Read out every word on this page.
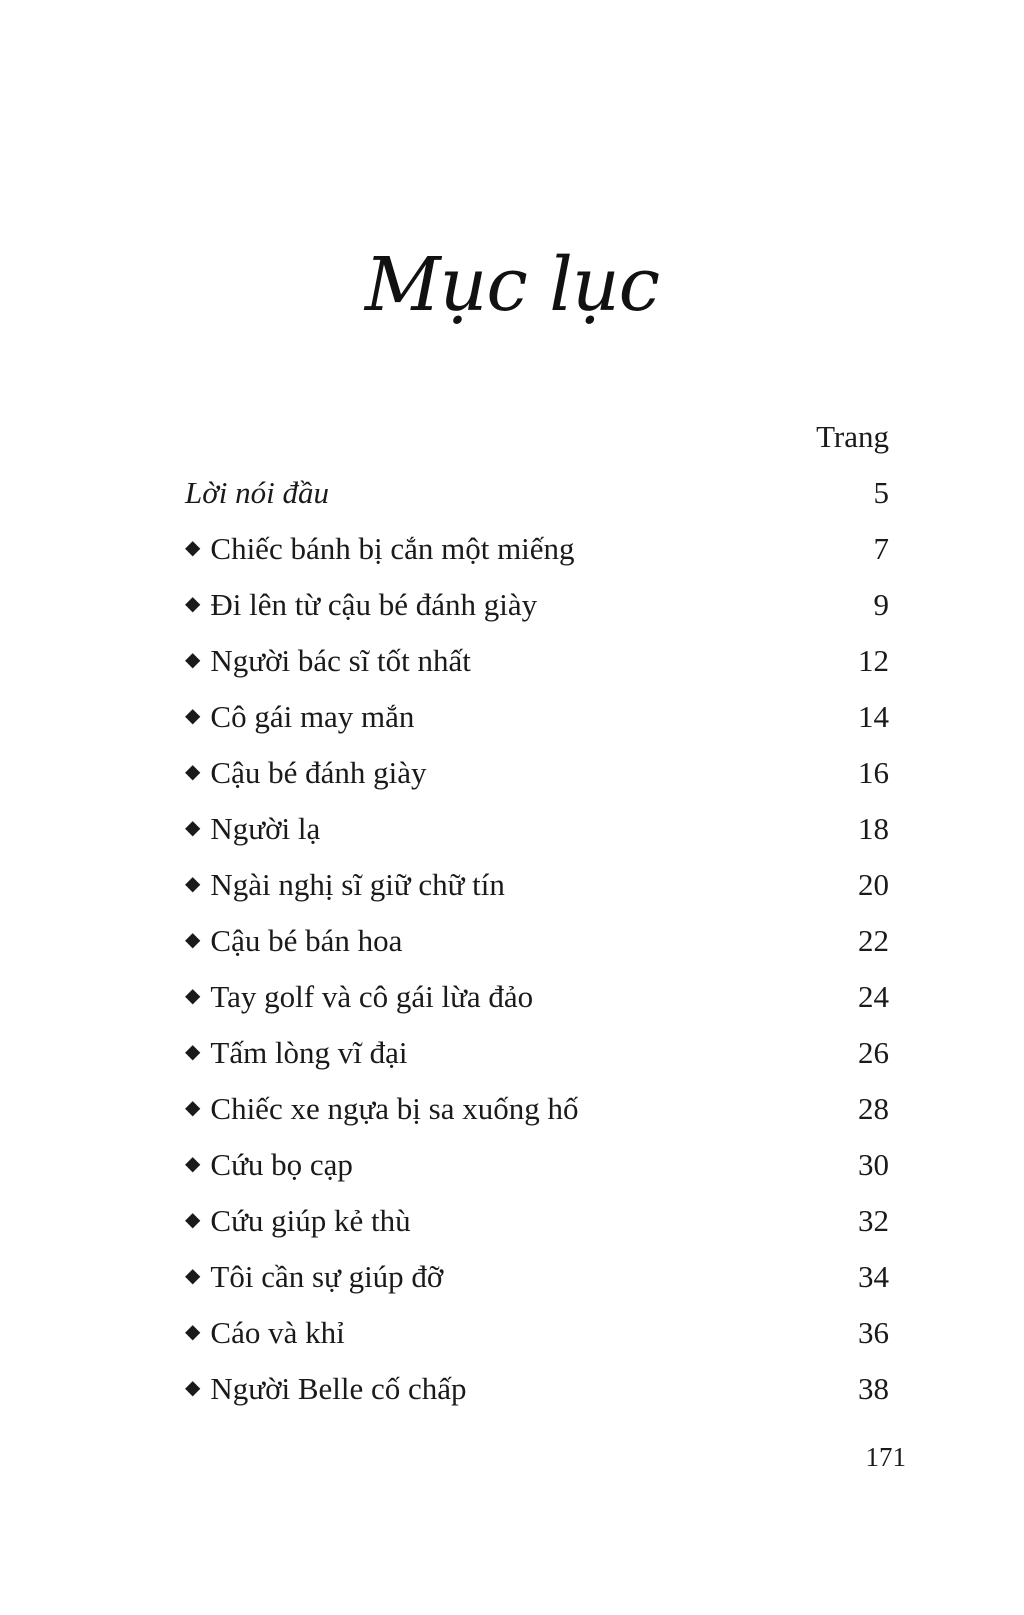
Mục lục
Trang
Lời nói đầu	5
◆ Chiếc bánh bị cắn một miếng	7
◆ Đi lên từ cậu bé đánh giày	9
◆ Người bác sĩ tốt nhất	12
◆ Cô gái may mắn	14
◆ Cậu bé đánh giày	16
◆ Người lạ	18
◆ Ngài nghị sĩ giữ chữ tín	20
◆ Cậu bé bán hoa	22
◆ Tay golf và cô gái lừa đảo	24
◆ Tấm lòng vĩ đại	26
◆ Chiếc xe ngựa bị sa xuống hố	28
◆ Cứu bọ cạp	30
◆ Cứu giúp kẻ thù	32
◆ Tôi cần sự giúp đỡ	34
◆ Cáo và khỉ	36
◆ Người Belle cố chấp	38
171
